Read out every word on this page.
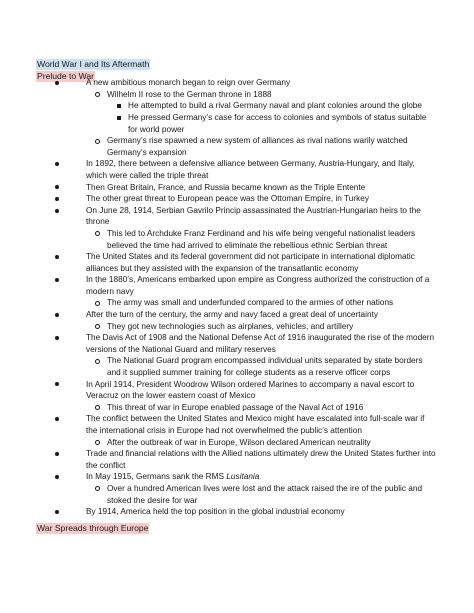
World War I and Its Aftermath
Prelude to War
A new ambitious monarch began to reign over Germany
Wilhelm II rose to the German throne in 1888
He attempted to build a rival Germany naval and plant colonies around the globe
He pressed Germany’s case for access to colonies and symbols of status suitable for world power
Germany’s rise spawned a new system of alliances as rival nations warily watched Germany’s expansion
In 1892, there between a defensive alliance between Germany, Austria-Hungary, and Italy, which were called the triple threat
Then Great Britain, France, and Russia became known as the Triple Entente
The other great threat to European peace was the Ottoman Empire, in Turkey
On June 28, 1914, Serbian Gavrilo Princip assassinated the Austrian-Hungarian heirs to the throne
This led to Archduke Franz Ferdinand and his wife being vengeful nationalist leaders believed the time had arrived to eliminate the rebellious ethnic Serbian threat
The United States and its federal government did not participate in international diplomatic alliances but they assisted with the expansion of the transatlantic economy
In the 1880’s, Americans embarked upon empire as Congress authorized the construction of a modern navy
The army was small and underfunded compared to the armies of other nations
After the turn of the century, the army and navy faced a great deal of uncertainty
They got new technologies such as airplanes, vehicles, and artillery
The Davis Act of 1908 and the National Defense Act of 1916 inaugurated the rise of the modern versions of the National Guard and military reserves
The National Guard program encompassed individual units separated by state borders and it supplied summer training for college students as a reserve officer corps
In April 1914, President Woodrow Wilson ordered Marines to accompany a naval escort to Veracruz on the lower eastern coast of Mexico
This threat of war in Europe enabled passage of the Naval Act of 1916
The conflict between the United States and Mexico might have escalated into full-scale war if the international crisis in Europe had not overwhelmed the public’s attention
After the outbreak of war in Europe, Wilson declared American neutrality
Trade and financial relations with the Allied nations ultimately drew the United States further into the conflict
In May 1915, Germans sank the RMS Lusitania
Over a hundred American lives were lost and the attack raised the ire of the public and stoked the desire for war
By 1914, America held the top position in the global industrial economy
War Spreads through Europe
